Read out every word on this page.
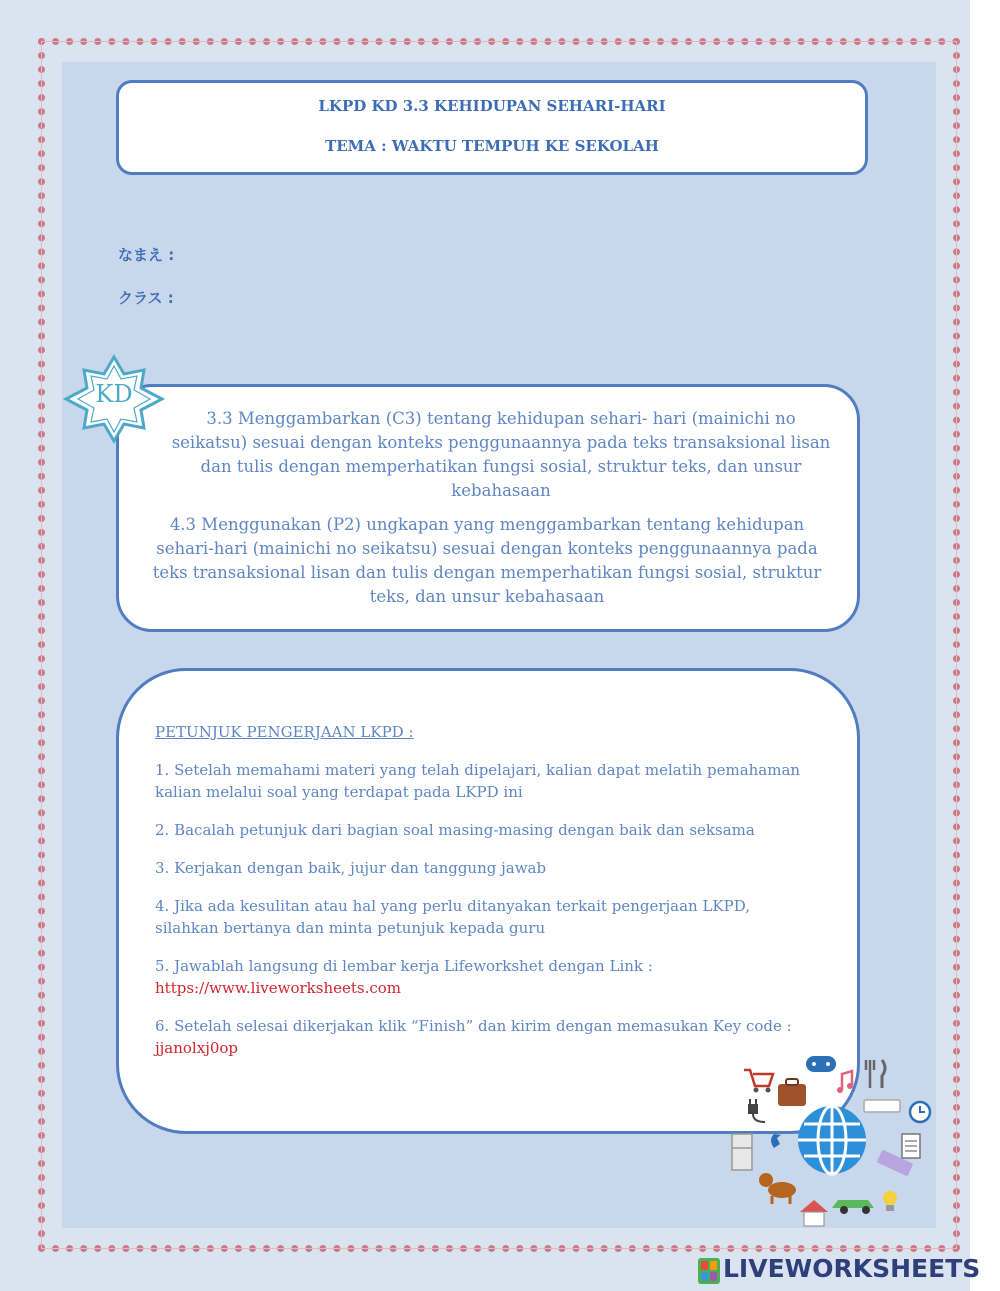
LKPD KD 3.3 KEHIDUPAN SEHARI-HARI
TEMA : WAKTU TEMPUH KE SEKOLAH
なまえ :
クラス :

3.3 Menggambarkan (C3) tentang kehidupan sehari- hari (mainichi no seikatsu) sesuai dengan konteks penggunaannya pada teks transaksional lisan dan tulis dengan memperhatikan fungsi sosial, struktur teks, dan unsur kebahasaan

4.3 Menggunakan (P2) ungkapan yang menggambarkan tentang kehidupan sehari-hari (mainichi no seikatsu) sesuai dengan konteks penggunaannya pada teks transaksional lisan dan tulis dengan memperhatikan fungsi sosial, struktur teks, dan unsur kebahasaan

KD
PETUNJUK PENGERJAAN LKPD :
1. Setelah memahami materi yang telah dipelajari, kalian dapat melatih pemahaman kalian melalui soal yang terdapat pada LKPD ini
2. Bacalah petunjuk dari bagian soal masing-masing dengan baik dan seksama
3. Kerjakan dengan baik, jujur dan tanggung jawab
4. Jika ada kesulitan atau hal yang perlu ditanyakan terkait pengerjaan LKPD, silahkan bertanya dan minta petunjuk kepada guru
5. Jawablah langsung di lembar kerja Lifeworkshet dengan Link :
https://www.liveworksheets.com
6. Setelah selesai dikerjakan klik “Finish” dan kirim dengan memasukan Key code :
jjanolxj0op
LIVEWORKSHEETS
